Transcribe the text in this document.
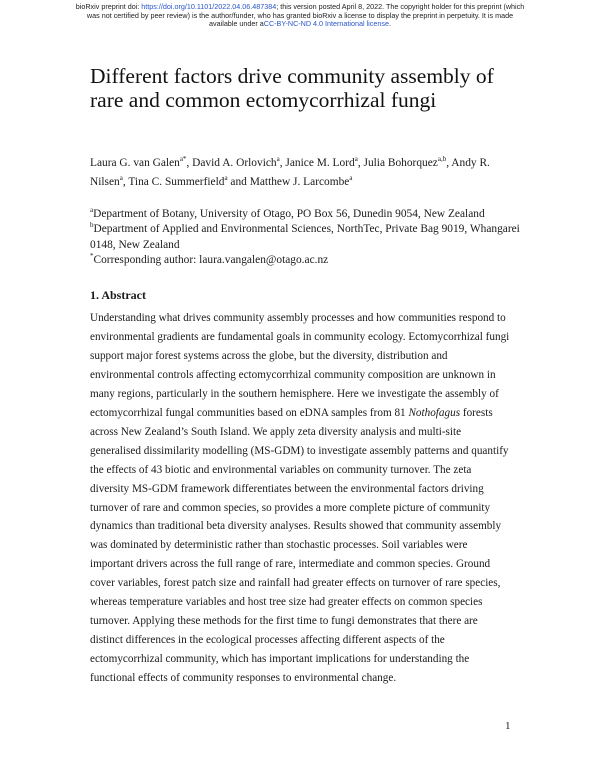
bioRxiv preprint doi: https://doi.org/10.1101/2022.04.06.487384; this version posted April 8, 2022. The copyright holder for this preprint (which
was not certified by peer review) is the author/funder, who has granted bioRxiv a license to display the preprint in perpetuity. It is made
available under aCC-BY-NC-ND 4.0 International license.
Different factors drive community assembly of rare and common ectomycorrhizal fungi
Laura G. van Galen$^{a*}$, David A. Orlovich$^a$, Janice M. Lord$^a$, Julia Bohorquez$^{a,b}$, Andy R. Nilsen$^a$, Tina C. Summerfield$^a$ and Matthew J. Larcombe$^a$
$^a$Department of Botany, University of Otago, PO Box 56, Dunedin 9054, New Zealand
$^b$Department of Applied and Environmental Sciences, NorthTec, Private Bag 9019, Whangarei 0148, New Zealand
*Corresponding author: laura.vangalen@otago.ac.nz
1. Abstract
Understanding what drives community assembly processes and how communities respond to
environmental gradients are fundamental goals in community ecology. Ectomycorrhizal fungi
support major forest systems across the globe, but the diversity, distribution and
environmental controls affecting ectomycorrhizal community composition are unknown in
many regions, particularly in the southern hemisphere. Here we investigate the assembly of
ectomycorrhizal fungal communities based on eDNA samples from 81 Nothofagus forests
across New Zealand’s South Island. We apply zeta diversity analysis and multi-site
generalised dissimilarity modelling (MS-GDM) to investigate assembly patterns and quantify
the effects of 43 biotic and environmental variables on community turnover. The zeta
diversity MS-GDM framework differentiates between the environmental factors driving
turnover of rare and common species, so provides a more complete picture of community
dynamics than traditional beta diversity analyses. Results showed that community assembly
was dominated by deterministic rather than stochastic processes. Soil variables were
important drivers across the full range of rare, intermediate and common species. Ground
cover variables, forest patch size and rainfall had greater effects on turnover of rare species,
whereas temperature variables and host tree size had greater effects on common species
turnover. Applying these methods for the first time to fungi demonstrates that there are
distinct differences in the ecological processes affecting different aspects of the
ectomycorrhizal community, which has important implications for understanding the
functional effects of community responses to environmental change.
1
